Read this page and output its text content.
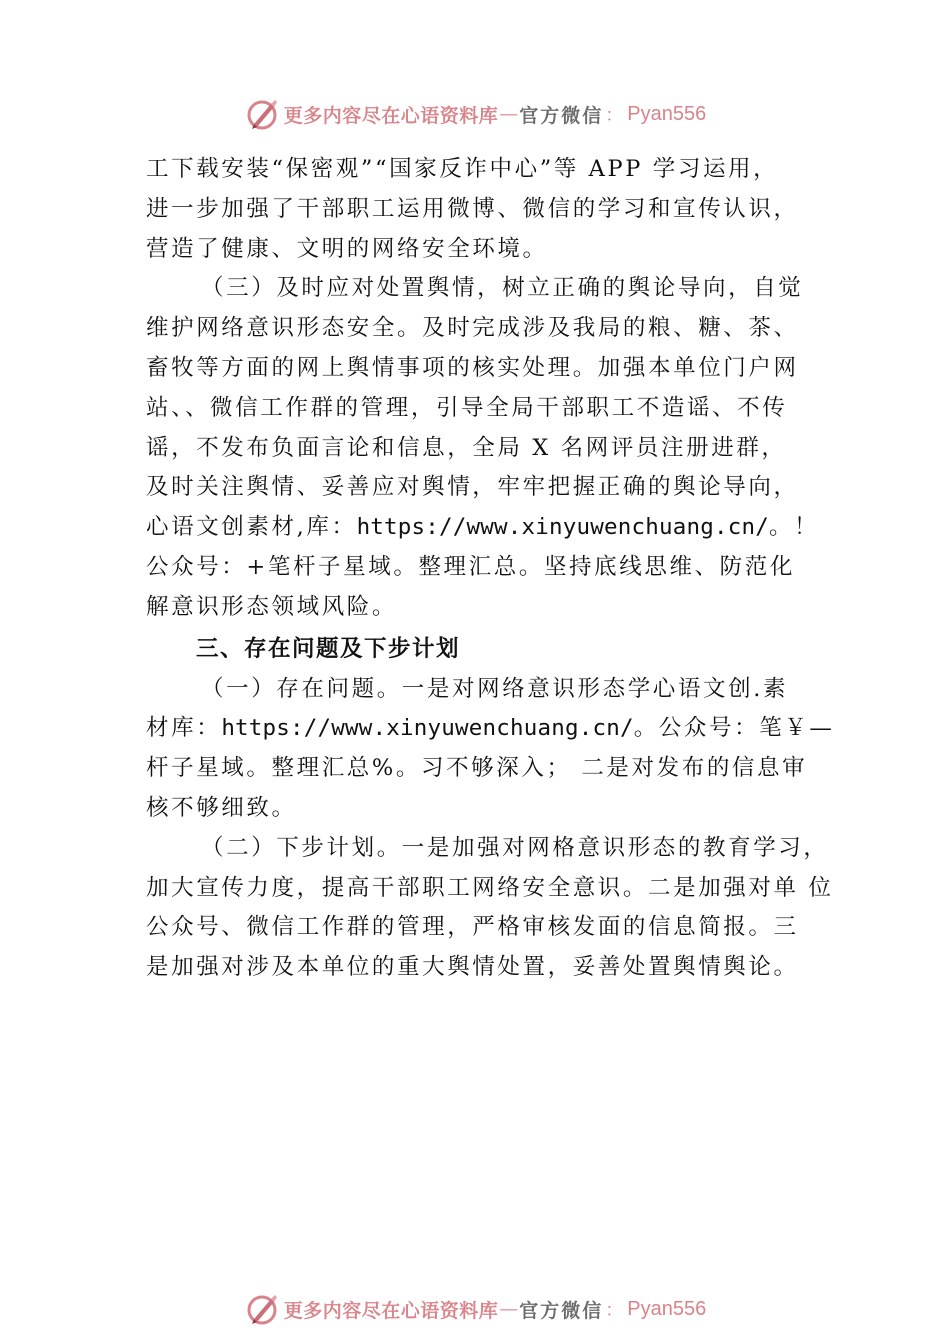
更多内容尽在心语资料库 — 官方微信 ： Pyan556
工下载安装“保密观”“国家反诈中心”等 APP 学习运用，
进一步加强了干部职工运用微博、微信的学习和宣传认识，
营造了健康、文明的网络安全环境。
（三）及时应对处置舆情，树立正确的舆论导向，自觉
维护网络意识形态安全。及时完成涉及我局的粮、糖、茶、
畜牧等方面的网上舆情事项的核实处理。加强本单位门户网
站、、微信工作群的管理，引导全局干部职工不造谣、不传
谣，不发布负面言论和信息，全局 X 名网评员注册进群，
及时关注舆情、妥善应对舆情，牢牢把握正确的舆论导向，
心语文创素材,库：https://www.xinyuwenchuang.cn/。！
公众号：+笔杆子星域。整理汇总。坚持底线思维、防范化
解意识形态领域风险。
三、存在问题及下步计划
（一）存在问题。一是对网络意识形态学心语文创.素
材库：https://www.xinyuwenchuang.cn/。公众号：笔￥—
杆子星域。整理汇总%。习不够深入； 二是对发布的信息审
核不够细致。
（二）下步计划。一是加强对网格意识形态的教育学习，
加大宣传力度，提高干部职工网络安全意识。二是加强对单 位
公众号、微信工作群的管理，严格审核发面的信息简报。三
是加强对涉及本单位的重大舆情处置，妥善处置舆情舆论。
更多内容尽在心语资料库 — 官方微信 ： Pyan556
